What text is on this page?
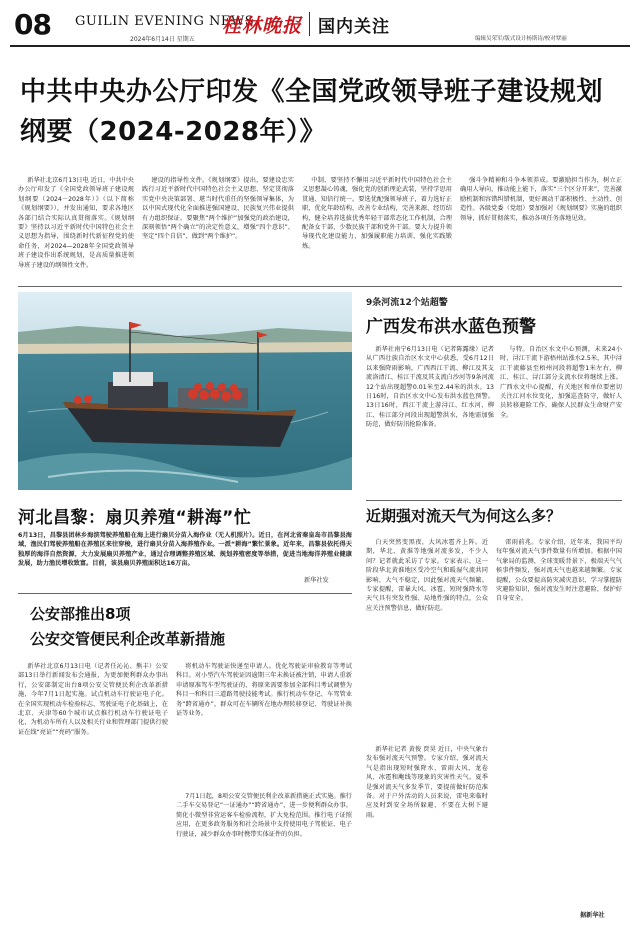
08 GUILIN EVENING NEWS
2024年6月14日 星期五
桂林晚报 国内关注
编辑吴荣军/版式设计杨斯诗/校对覃丽
中共中央办公厅印发《全国党政领导班子建设规划纲要（2024-2028年）》

新华社北京6月13日电 近日，中共中央办公厅印发了《全国党政领导班子建设规划纲要（2024－2028年）》（以下简称《规划纲要》），并发出通知，要求各地区各部门结合实际认真贯彻落实。《规划纲要》坚持以习近平新时代中国特色社会主义思想为指导，围绕新时代新征程党的使命任务，对2024—2028年全国党政领导班子建设作出系统规划，是高质量推进领导班子建设的纲领性文件。

建设的指导性文件。《规划纲要》提出，要建设忠实践行习近平新时代中国特色社会主义思想、坚定贯彻落实党中央决策部署、堪当时代重任的坚强领导集体，为以中国式现代化全面推进强国建设、民族复兴伟业提供有力组织保证。要聚焦“两个维护”加强党的政治建设，深刻领悟“两个确立”的决定性意义，增强“四个意识”、坚定“四个自信”、做到“两个维护”。

中制、要坚持不懈用习近平新时代中国特色社会主义思想凝心铸魂，强化党的创新理论武装，坚持学思用贯通、知信行统一。要选优配强领导班子，着力选好正职，优化年龄结构，改善专业结构，完善来源、经历结构，健全培养选拔优秀年轻干部常态化工作机制，合理配备女干部、少数民族干部和党外干部。要大力提升领导现代化建设能力，加强履职能力培训，强化实践锻炼。

强斗争精神和斗争本领养成。要激励担当作为，树立正确用人导向，推动能上能下，落实“三个区分开来”，完善激励机制和容错纠错机制，更好调动干部积极性、主动性、创造性。各级党委（党组）要加强对《规划纲要》实施的组织领导，抓好贯彻落实，推动各项任务落地见效。

河北昌黎：扇贝养殖“耕海”忙
6月13日，昌黎县团林乡海滨驾驶养殖船在海上进行扇贝分苗入海作业（无人机照片）。近日，在河北省秦皇岛市昌黎县海域，渔民们驾驶养殖船在养殖区来往穿梭，进行扇贝分苗入海养殖作业。一派“耕海”繁忙景象。近年来，昌黎县依托得天独厚的海洋自然资源，大力发展扇贝养殖产业，通过合理调整养殖区域、规划养殖密度等举措，促进当地海洋养殖业健康发展，助力渔民增收致富。目前，该县扇贝养殖面积达16万亩。
新华社发
9条河流12个站超警
广西发布洪水蓝色预警

新华社南宁6月13日电（记者陈露缘）记者从广西壮族自治区水文中心获悉，受6月12日以来强降雨影响，广西西江干流、柳江及其支流洛清江、桂江干流及其支流白沙河等9条河流12个站出现超警0.01米至2.44米的洪水。13日16时，自治区水文中心发布洪水蓝色预警。13日16时，西江干流上游浔江、红水河、柳江、桂江部分河段出现超警洪水，各地需加强防范，做好防汛抢险准备。

与特。自治区水文中心预测，未来24小时，浔江干流下游梧州站涨水2.5米，其中浔江干流藤县至梧州河段将超警1米左右，柳江、桂江、浔江部分支流水位将继续上涨。广西水文中心提醒，有关地区和单位要密切关注江河水位变化，加强巡查防守，做好人员转移避险工作，确保人民群众生命财产安全。

公安部推出8项
公安交管便民利企改革新措施

新华社北京6月13日电（记者任沁沁、熊丰）公安部13日举行新闻发布会通报，为更加便利群众办事出行，公安部制定出台8项公安交管便民利企改革新措施，今年7月1日起实施。试点机动车行驶证电子化。在全国实现机动车检验标志、驾驶证电子化基础上，在北京、天津等60个城市试点推行机动车行驶证电子化，为机动车所有人以及相关行业和管理部门提供行驶证在线“亮证”“亮码”服务。

将机动车驾驶证快递至申请人。优化驾驶证审验教育等考试科目。对小型汽车驾驶证因逾期三年未换证被注销，申请人重新申请原准驾车型驾驶证的，将原来需要参加全部科目考试调整为科目一和科目三道路驾驶技能考试。推行机动车登记、车驾管业务“跨省通办”，群众可在车辆所在地办理转移登记、驾驶证补换证等业务。

7月1日起，8项公安交管便民利企改革新措施正式实施。推行二手车交易登记“一证通办”“跨省通办”，进一步便利群众办事。简化小微型非营运客车检验流程，扩大免检范围。推行电子证照应用，在更多政务服务和社会场景中支持使用电子驾驶证、电子行驶证，减少群众办事时携带实体证件的负担。

近期强对流天气为何这么多？

白天突然变黑夜，大风冰雹齐上阵。近期，华北、黄淮等地强对流多发，不少人问？记者就此采访了专家。专家表示，这一阶段华北黄淮地区受冷空气和暖湿气流共同影响，大气不稳定，因此强对流天气频繁。专家提醒，雷暴大风、冰雹、短时强降水等天气具有突发性强、局地性强的特点，公众应关注预警信息，做好防范。

新华社记者 黄俊 贾昊 近日，中央气象台发布强对流天气预警。专家介绍，强对流天气是指出现短时强降水、雷雨大风、龙卷风、冰雹和飑线等现象的灾害性天气。夏季是强对流天气多发季节，要提前做好防范准备。对于户外活动的人员来说，雷电来临时应及时到安全场所躲避，不要在大树下避雨。

雷雨前兆。专家介绍，近年来，我国平均每年强对流天气事件数量有所增加。根据中国气象局的监测，全球变暖背景下，极端天气气候事件频发，强对流天气也越来越频繁。专家提醒，公众要提高防灾减灾意识，学习掌握防灾避险知识，强对流发生时注意避险，保护好自身安全。

据新华社
